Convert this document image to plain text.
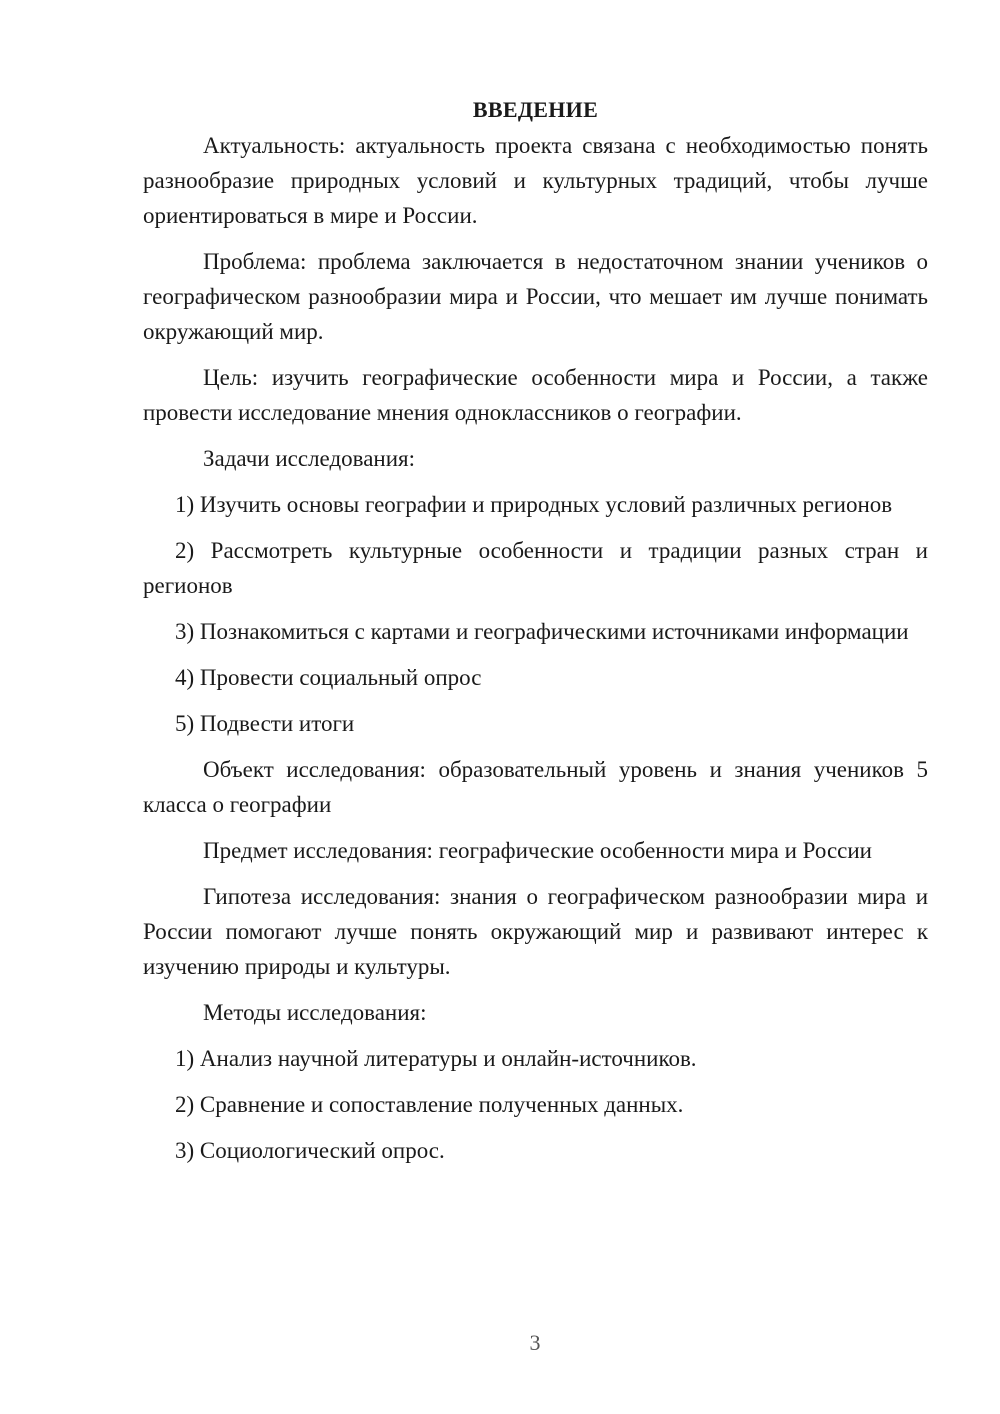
ВВЕДЕНИЕ

Актуальность: актуальность проекта связана с необходимостью понять разнообразие природных условий и культурных традиций, чтобы лучше ориентироваться в мире и России.

Проблема: проблема заключается в недостаточном знании учеников о географическом разнообразии мира и России, что мешает им лучше понимать окружающий мир.

Цель: изучить географические особенности мира и России, а также провести исследование мнения одноклассников о географии.

Задачи исследования:

1) Изучить основы географии и природных условий различных регионов

2) Рассмотреть культурные особенности и традиции разных стран и регионов

3) Познакомиться с картами и географическими источниками информации

4) Провести социальный опрос

5) Подвести итоги

Объект исследования: образовательный уровень и знания учеников 5 класса о географии

Предмет исследования: географические особенности мира и России

Гипотеза исследования: знания о географическом разнообразии мира и России помогают лучше понять окружающий мир и развивают интерес к изучению природы и культуры.

Методы исследования:

1) Анализ научной литературы и онлайн-источников.

2) Сравнение и сопоставление полученных данных.

3) Социологический опрос.

3
